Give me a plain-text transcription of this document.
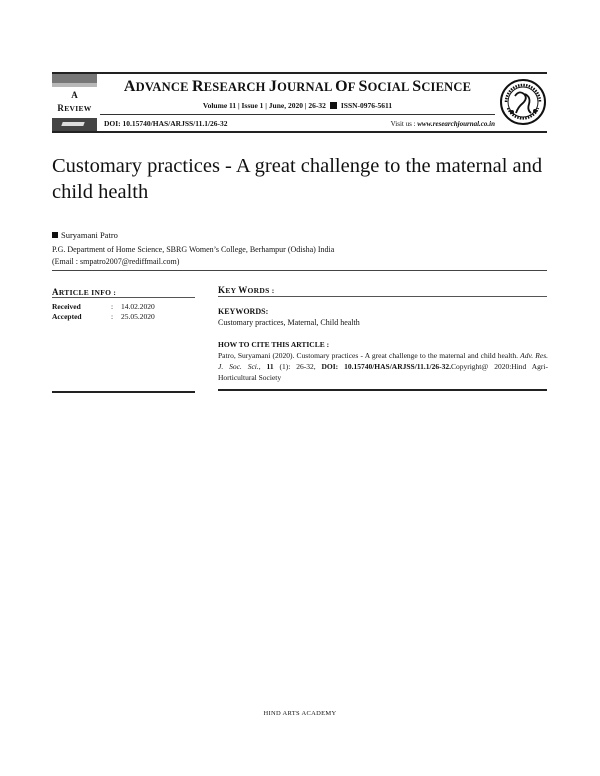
A
REVIEW
ADVANCE RESEARCH JOURNAL OF SOCIAL SCIENCE
Volume 11 | Issue 1 | June, 2020 | 26-32 ISSN-0976-5611
DOI: 10.15740/HAS/ARJSS/11.1/26-32	Visit us : www.researchjournal.co.in
Customary practices - A great challenge to the maternal and child health
Suryamani Patro
P.G. Department of Home Science, SBRG Women’s College, Berhampur (Odisha) India
(Email : smpatro2007@rediffmail.com)
ARTICLE INFO :
Received	: 14.02.2020
Accepted	: 25.05.2020
KEY WORDS :
KEYWORDS:
Customary practices, Maternal, Child health
HOW TO CITE THIS ARTICLE :
Patro, Suryamani (2020). Customary practices - A great challenge to the maternal and child health. Adv. Res. J. Soc. Sci., 11 (1): 26-32, DOI: 10.15740/HAS/ARJSS/11.1/26-32.Copyright@ 2020:Hind Agri-Horticultural Society
HIND ARTS ACADEMY
